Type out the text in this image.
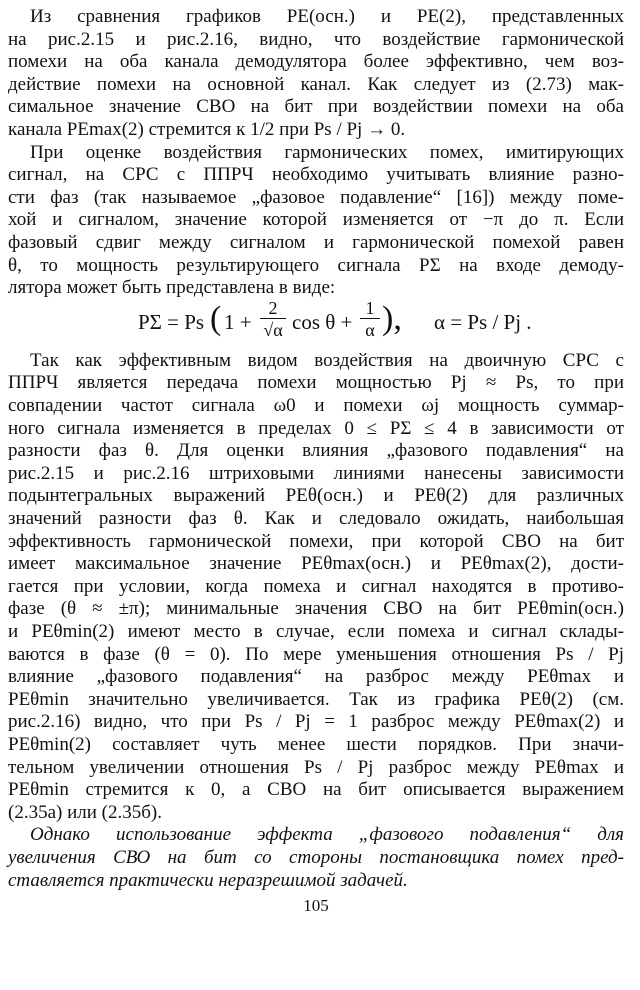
Из сравнения графиков PE(осн.) и PE(2), представленных
на рис.2.15 и рис.2.16, видно, что воздействие гармонической
помехи на оба канала демодулятора более эффективно, чем воз-
действие помехи на основной канал. Как следует из (2.73) мак-
симальное значение СВО на бит при воздействии помехи на оба
канала PEmax(2) стремится к 1/2 при Ps / Pj → 0.
При оценке воздействия гармонических помех, имитирующих
сигнал, на СРС с ППРЧ необходимо учитывать влияние разно-
сти фаз (так называемое „фазовое подавление“ [16]) между поме-
хой и сигналом, значение которой изменяется от −π до π. Если
фазовый сдвиг между сигналом и гармонической помехой равен
θ, то мощность результирующего сигнала PΣ на входе демоду-
лятора может быть представлена в виде:
PΣ = Ps ( 1 +
2
√α cos θ +
1
α ), α = Ps / Pj .
Так как эффективным видом воздействия на двоичную СРС с
ППРЧ является передача помехи мощностью Pj ≈ Ps, то при
совпадении частот сигнала ω0 и помехи ωj мощность суммар-
ного сигнала изменяется в пределах 0 ≤ PΣ ≤ 4 в зависимости от
разности фаз θ. Для оценки влияния „фазового подавления“ на
рис.2.15 и рис.2.16 штриховыми линиями нанесены зависимости
подынтегральных выражений PEθ(осн.) и PEθ(2) для различных
значений разности фаз θ. Как и следовало ожидать, наибольшая
эффективность гармонической помехи, при которой СВО на бит
имеет максимальное значение PEθmax(осн.) и PEθmax(2), дости-
гается при условии, когда помеха и сигнал находятся в противо-
фазе (θ ≈ ±π); минимальные значения СВО на бит PEθmin(осн.)
и PEθmin(2) имеют место в случае, если помеха и сигнал склады-
ваются в фазе (θ = 0). По мере уменьшения отношения Ps / Pj
влияние „фазового подавления“ на разброс между PEθmax и
PEθmin значительно увеличивается. Так из графика PEθ(2) (см.
рис.2.16) видно, что при Ps / Pj = 1 разброс между PEθmax(2) и
PEθmin(2) составляет чуть менее шести порядков. При значи-
тельном увеличении отношения Ps / Pj разброс между PEθmax и
PEθmin стремится к 0, а СВО на бит описывается выражением
(2.35а) или (2.35б).
Однако использование эффекта „фазового подавления“ для
увеличения СВО на бит со стороны постановщика помех пред-
ставляется практически неразрешимой задачей.
105
